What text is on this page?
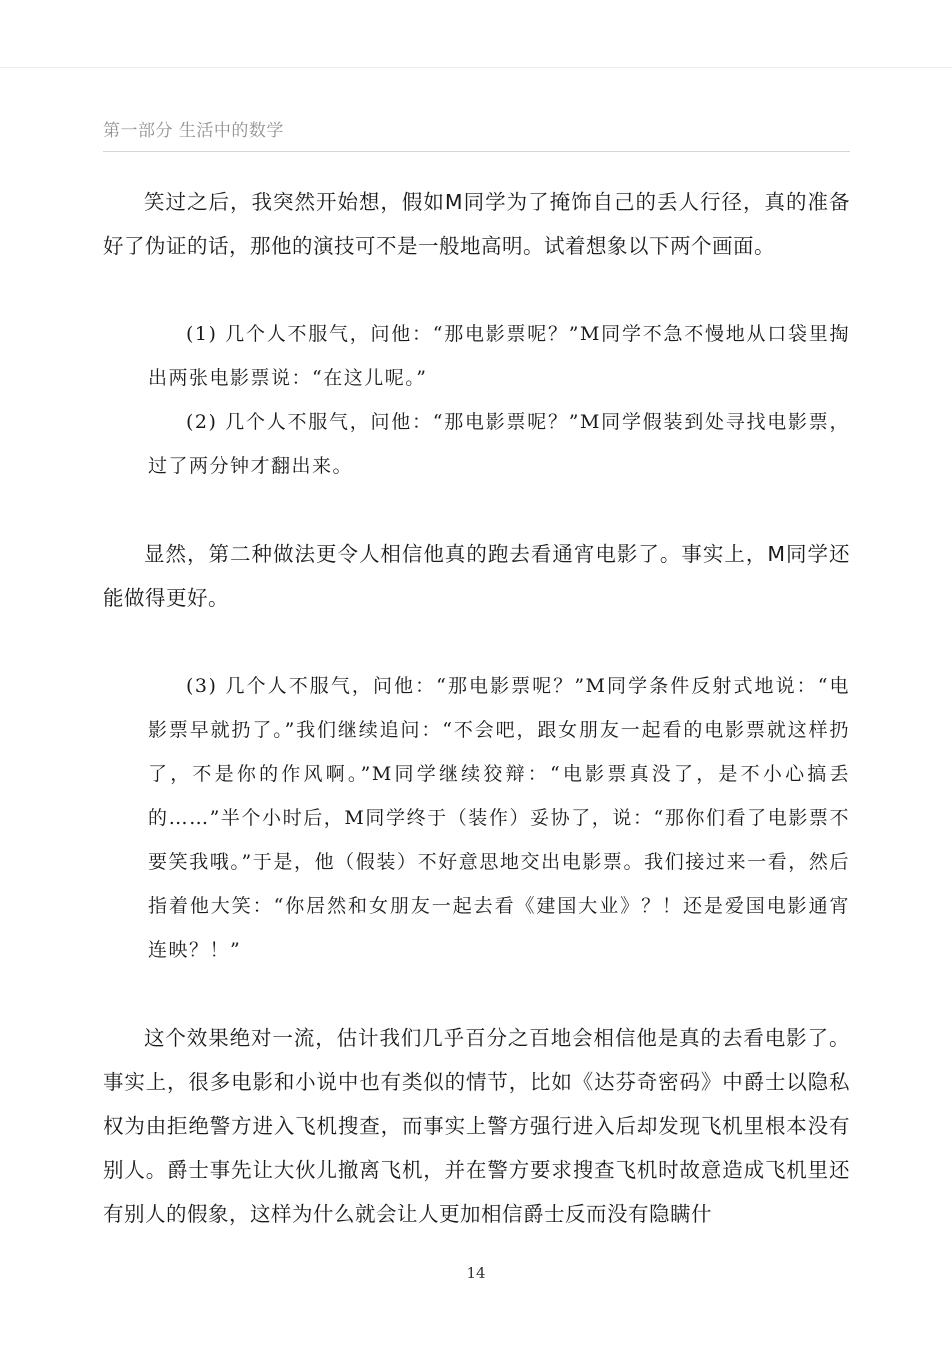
第一部分 生活中的数学

笑过之后，我突然开始想，假如M同学为了掩饰自己的丢人行径，真的准备好了伪证的话，那他的演技可不是一般地高明。试着想象以下两个画面。

(1) 几个人不服气，问他：“那电影票呢？”M同学不急不慢地从口袋里掏出两张电影票说：“在这儿呢。”

(2) 几个人不服气，问他：“那电影票呢？”M同学假装到处寻找电影票，过了两分钟才翻出来。

显然，第二种做法更令人相信他真的跑去看通宵电影了。事实上，M同学还能做得更好。

(3) 几个人不服气，问他：“那电影票呢？”M同学条件反射式地说：“电影票早就扔了。”我们继续追问：“不会吧，跟女朋友一起看的电影票就这样扔了，不是你的作风啊。”M同学继续狡辩：“电影票真没了，是不小心搞丢的……”半个小时后，M同学终于（装作）妥协了，说：“那你们看了电影票不要笑我哦。”于是，他（假装）不好意思地交出电影票。我们接过来一看，然后指着他大笑：“你居然和女朋友一起去看《建国大业》？！还是爱国电影通宵连映？！”

这个效果绝对一流，估计我们几乎百分之百地会相信他是真的去看电影了。事实上，很多电影和小说中也有类似的情节，比如《达芬奇密码》中爵士以隐私权为由拒绝警方进入飞机搜查，而事实上警方强行进入后却发现飞机里根本没有别人。爵士事先让大伙儿撤离飞机，并在警方要求搜查飞机时故意造成飞机里还有别人的假象，这样为什么就会让人更加相信爵士反而没有隐瞒什

14
